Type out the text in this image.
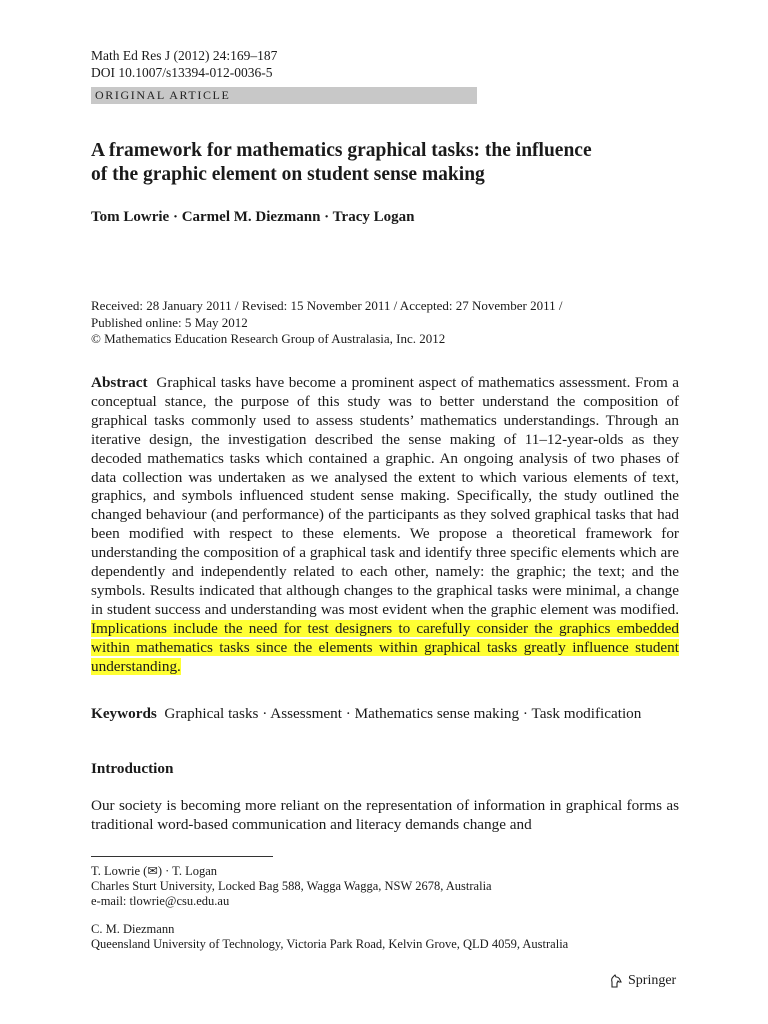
Math Ed Res J (2012) 24:169–187
DOI 10.1007/s13394-012-0036-5
ORIGINAL ARTICLE
A framework for mathematics graphical tasks: the influence
of the graphic element on student sense making
Tom Lowrie · Carmel M. Diezmann · Tracy Logan
Received: 28 January 2011 / Revised: 15 November 2011 / Accepted: 27 November 2011 /
Published online: 5 May 2012
© Mathematics Education Research Group of Australasia, Inc. 2012

Abstract Graphical tasks have become a prominent aspect of mathematics assessment. From a conceptual stance, the purpose of this study was to better understand the composition of graphical tasks commonly used to assess students’ mathematics understandings. Through an iterative design, the investigation described the sense making of 11–12-year-olds as they decoded mathematics tasks which contained a graphic. An ongoing analysis of two phases of data collection was undertaken as we analysed the extent to which various elements of text, graphics, and symbols influenced student sense making. Specifically, the study outlined the changed behaviour (and performance) of the participants as they solved graphical tasks that had been modified with respect to these elements. We propose a theoretical framework for understanding the composition of a graphical task and identify three specific elements which are dependently and independently related to each other, namely: the graphic; the text; and the symbols. Results indicated that although changes to the graphical tasks were minimal, a change in student success and understanding was most evident when the graphic element was modified. Implications include the need for test designers to carefully consider the graphics embedded within mathematics tasks since the elements within graphical tasks greatly influence student understanding.

Keywords Graphical tasks · Assessment · Mathematics sense making · Task modification

Introduction

Our society is becoming more reliant on the representation of information in graphical forms as traditional word-based communication and literacy demands change and

T. Lowrie (✉) · T. Logan
Charles Sturt University, Locked Bag 588, Wagga Wagga, NSW 2678, Australia
e-mail: tlowrie@csu.edu.au
C. M. Diezmann
Queensland University of Technology, Victoria Park Road, Kelvin Grove, QLD 4059, Australia
Springer
